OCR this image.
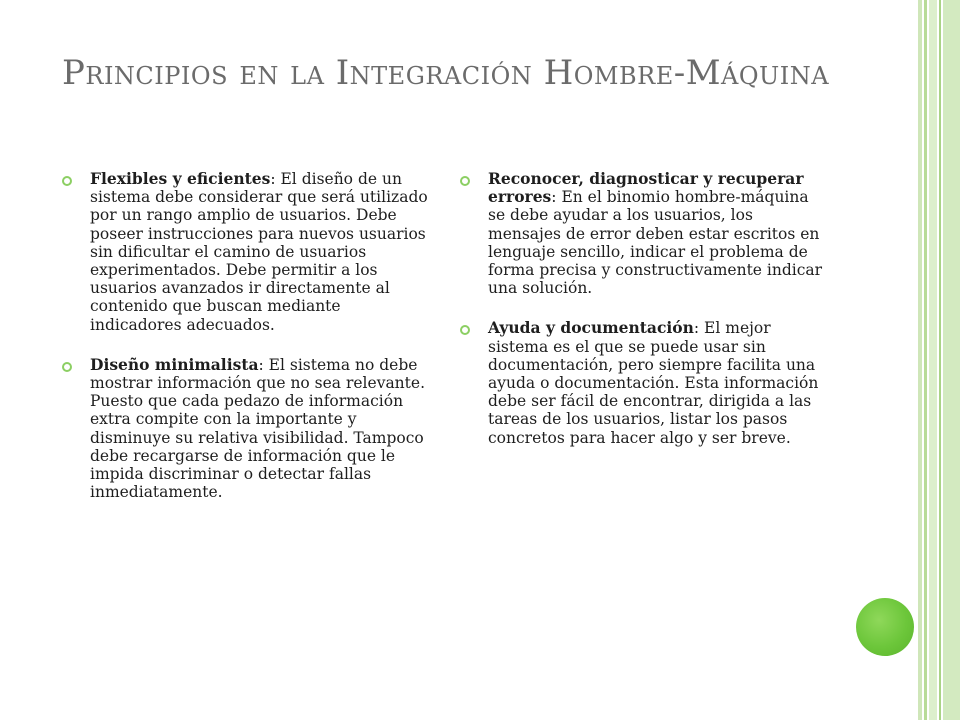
Principios en la Integración Hombre-Máquina

Flexibles y eficientes: El diseño de un sistema debe considerar que será utilizado por un rango amplio de usuarios. Debe poseer instrucciones para nuevos usuarios sin dificultar el camino de usuarios experimentados. Debe permitir a los usuarios avanzados ir directamente al contenido que buscan mediante indicadores adecuados.

Diseño minimalista: El sistema no debe mostrar información que no sea relevante. Puesto que cada pedazo de información extra compite con la importante y disminuye su relativa visibilidad. Tampoco debe recargarse de información que le impida discriminar o detectar fallas inmediatamente.

Reconocer, diagnosticar y recuperar errores: En el binomio hombre-máquina se debe ayudar a los usuarios, los mensajes de error deben estar escritos en lenguaje sencillo, indicar el problema de forma precisa y constructivamente indicar una solución.

Ayuda y documentación: El mejor sistema es el que se puede usar sin documentación, pero siempre facilita una ayuda o documentación. Esta información debe ser fácil de encontrar, dirigida a las tareas de los usuarios, listar los pasos concretos para hacer algo y ser breve.
